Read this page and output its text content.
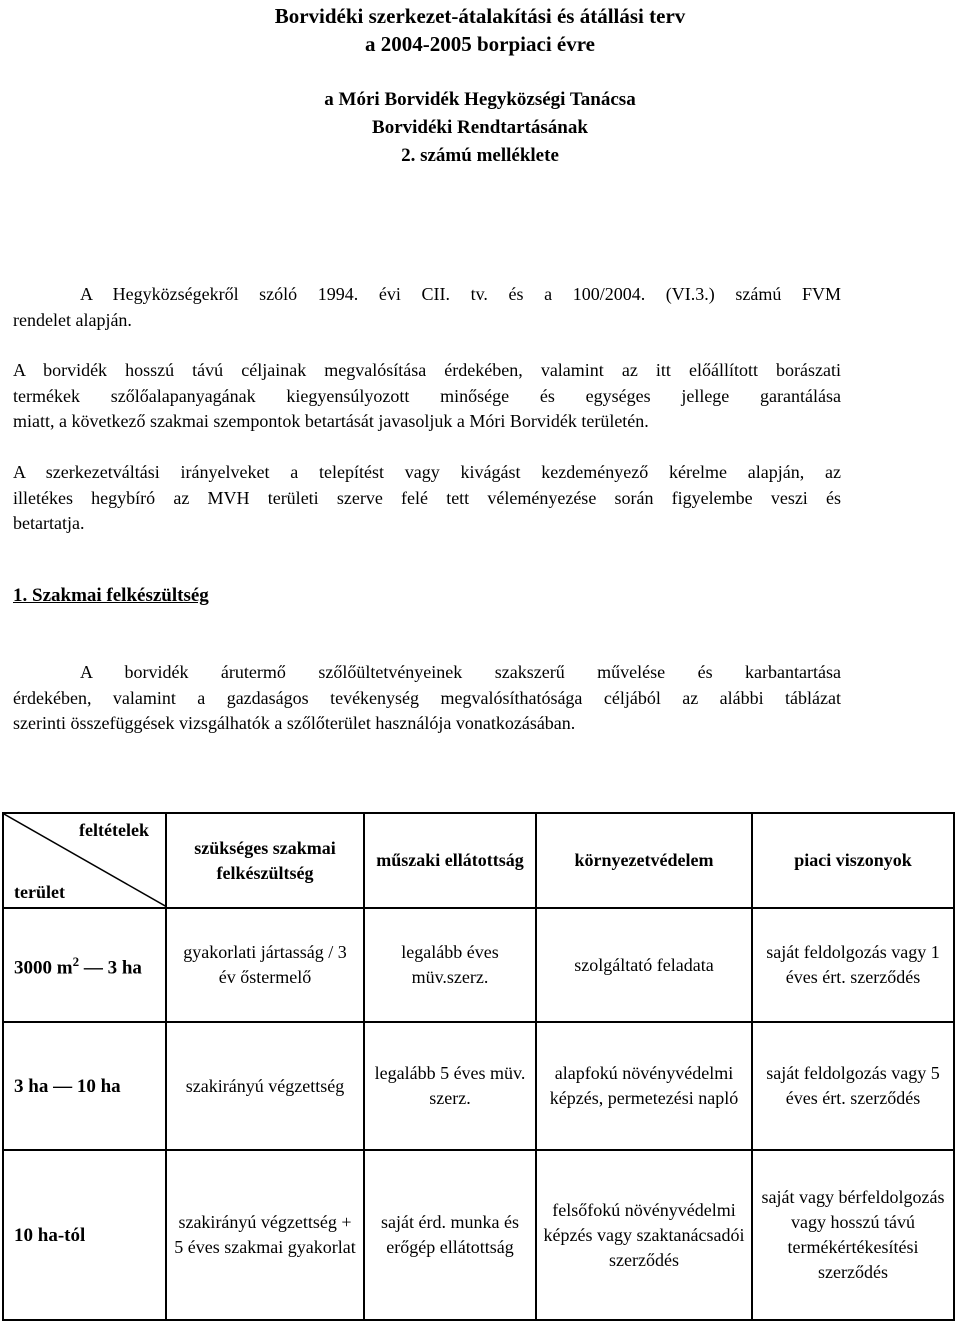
Borvidéki szerkezet-átalakítási és átállási terv
a 2004-2005 borpiaci évre
a Móri Borvidék Hegyközségi Tanácsa
Borvidéki Rendtartásának
2. számú melléklete
A Hegyközségekről szóló 1994. évi CII. tv. és a 100/2004. (VI.3.) számú FVM
rendelet alapján.
A borvidék hosszú távú céljainak megvalósítása érdekében, valamint az itt előállított borászati
termékek szőlőalapanyagának kiegyensúlyozott minősége és egységes jellege garantálása
miatt, a következő szakmai szempontok betartását javasoljuk a Móri Borvidék területén.
A szerkezetváltási irányelveket a telepítést vagy kivágást kezdeményező kérelme alapján, az
illetékes hegybíró az MVH területi szerve felé tett véleményezése során figyelembe veszi és
betartatja.
1. Szakmai felkészültség
A borvidék árutermő szőlőültetvényeinek szakszerű művelése és karbantartása
érdekében, valamint a gazdaságos tevékenység megvalósíthatósága céljából az alábbi táblázat
szerinti összefüggések vizsgálhatók a szőlőterület használója vonatkozásában.
feltételek
terület	szükséges szakmai felkészültség	műszaki ellátottság	környezetvédelem	piaci viszonyok
3000 $m^2$ — 3 ha	gyakorlati jártasság / 3 év őstermelő	legalább éves müv.szerz.	szolgáltató feladata	saját feldolgozás vagy 1 éves ért. szerződés
3 ha — 10 ha	szakirányú végzettség	legalább 5 éves müv. szerz.	alapfokú növényvédelmi képzés, permetezési napló	saját feldolgozás vagy 5 éves ért. szerződés
10 ha-tól	szakirányú végzettség + 5 éves szakmai gyakorlat	saját érd. munka és erőgép ellátottság	felsőfokú növényvédelmi képzés vagy szaktanácsadói szerződés	saját vagy bérfeldolgozás vagy hosszú távú termékértékesítési szerződés
